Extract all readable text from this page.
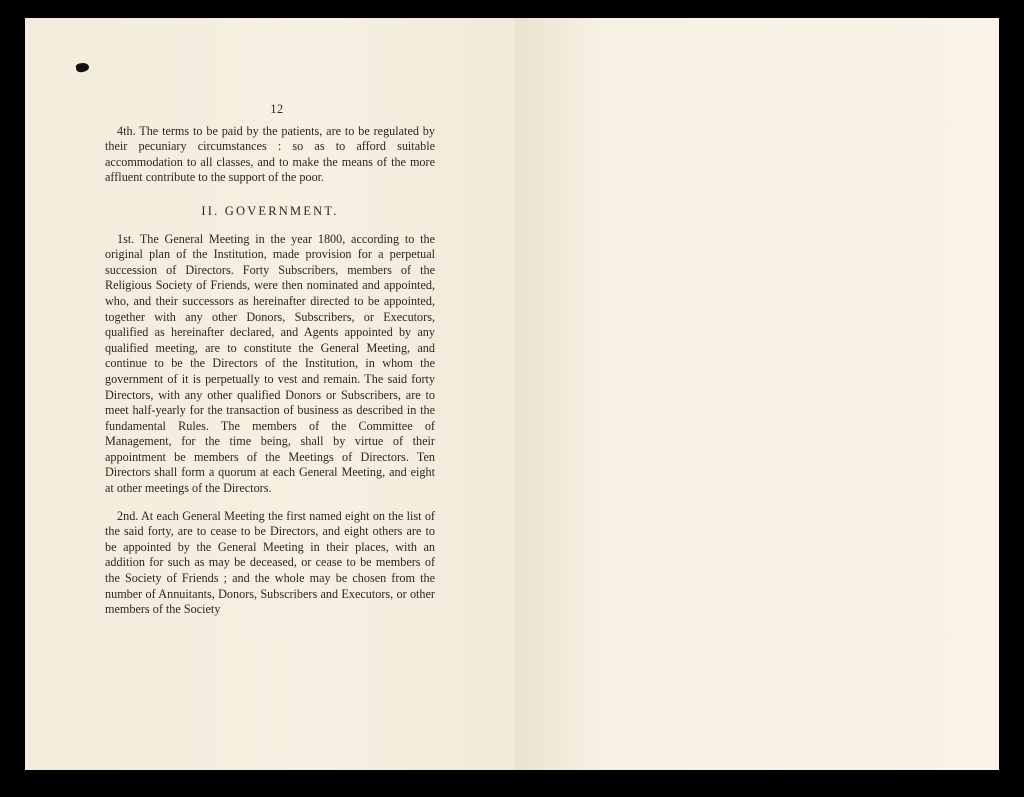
12

4th. The terms to be paid by the patients, are to be regulated by their pecuniary circumstances : so as to afford suitable accommodation to all classes, and to make the means of the more affluent contribute to the support of the poor.

II. GOVERNMENT.

1st. The General Meeting in the year 1800, according to the original plan of the Institution, made provision for a perpetual succession of Directors. Forty Subscribers, members of the Religious Society of Friends, were then nominated and appointed, who, and their successors as hereinafter directed to be appointed, together with any other Donors, Subscribers, or Executors, qualified as hereinafter declared, and Agents appointed by any qualified meeting, are to constitute the General Meeting, and continue to be the Directors of the Institution, in whom the government of it is perpetually to vest and remain. The said forty Directors, with any other qualified Donors or Subscribers, are to meet half-yearly for the transaction of business as described in the fundamental Rules. The members of the Committee of Management, for the time being, shall by virtue of their appointment be members of the Meetings of Directors. Ten Directors shall form a quorum at each General Meeting, and eight at other meetings of the Directors.

2nd. At each General Meeting the first named eight on the list of the said forty, are to cease to be Directors, and eight others are to be appointed by the General Meeting in their places, with an addition for such as may be deceased, or cease to be members of the Society of Friends ; and the whole may be chosen from the number of Annuitants, Donors, Subscribers and Executors, or other members of the Society
